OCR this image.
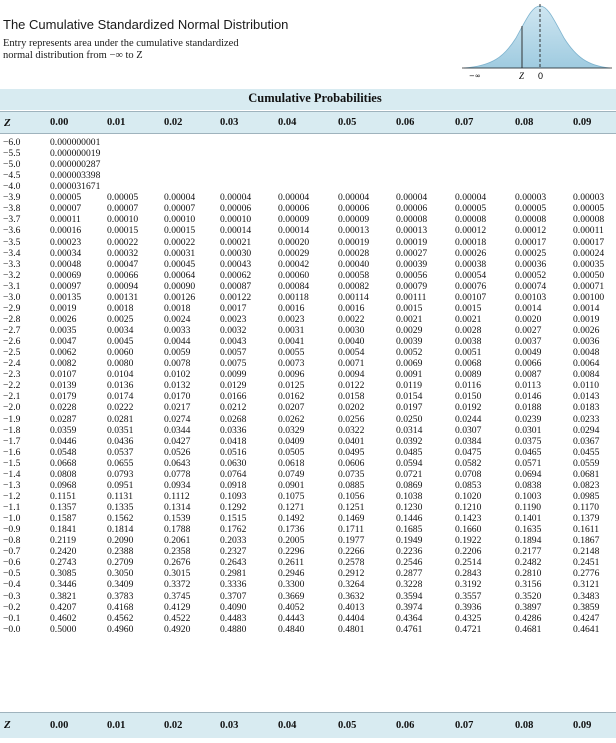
The Cumulative Standardized Normal Distribution
Entry represents area under the cumulative standardized
normal distribution from −∞ to Z
−∞	Z 0
Cumulative Probabilities
Z	0.00	0.01	0.02	0.03	0.04	0.05	0.06	0.07	0.08	0.09
−6.0	0.000000001									
−5.5	0.000000019									
−5.0	0.000000287									
−4.5	0.000003398									
−4.0	0.000031671									
−3.9	0.00005	0.00005	0.00004	0.00004	0.00004	0.00004	0.00004	0.00004	0.00003	0.00003
−3.8	0.00007	0.00007	0.00007	0.00006	0.00006	0.00006	0.00006	0.00005	0.00005	0.00005
−3.7	0.00011	0.00010	0.00010	0.00010	0.00009	0.00009	0.00008	0.00008	0.00008	0.00008
−3.6	0.00016	0.00015	0.00015	0.00014	0.00014	0.00013	0.00013	0.00012	0.00012	0.00011
−3.5	0.00023	0.00022	0.00022	0.00021	0.00020	0.00019	0.00019	0.00018	0.00017	0.00017
−3.4	0.00034	0.00032	0.00031	0.00030	0.00029	0.00028	0.00027	0.00026	0.00025	0.00024
−3.3	0.00048	0.00047	0.00045	0.00043	0.00042	0.00040	0.00039	0.00038	0.00036	0.00035
−3.2	0.00069	0.00066	0.00064	0.00062	0.00060	0.00058	0.00056	0.00054	0.00052	0.00050
−3.1	0.00097	0.00094	0.00090	0.00087	0.00084	0.00082	0.00079	0.00076	0.00074	0.00071
−3.0	0.00135	0.00131	0.00126	0.00122	0.00118	0.00114	0.00111	0.00107	0.00103	0.00100
−2.9	0.0019	0.0018	0.0018	0.0017	0.0016	0.0016	0.0015	0.0015	0.0014	0.0014
−2.8	0.0026	0.0025	0.0024	0.0023	0.0023	0.0022	0.0021	0.0021	0.0020	0.0019
−2.7	0.0035	0.0034	0.0033	0.0032	0.0031	0.0030	0.0029	0.0028	0.0027	0.0026
−2.6	0.0047	0.0045	0.0044	0.0043	0.0041	0.0040	0.0039	0.0038	0.0037	0.0036
−2.5	0.0062	0.0060	0.0059	0.0057	0.0055	0.0054	0.0052	0.0051	0.0049	0.0048
−2.4	0.0082	0.0080	0.0078	0.0075	0.0073	0.0071	0.0069	0.0068	0.0066	0.0064
−2.3	0.0107	0.0104	0.0102	0.0099	0.0096	0.0094	0.0091	0.0089	0.0087	0.0084
−2.2	0.0139	0.0136	0.0132	0.0129	0.0125	0.0122	0.0119	0.0116	0.0113	0.0110
−2.1	0.0179	0.0174	0.0170	0.0166	0.0162	0.0158	0.0154	0.0150	0.0146	0.0143
−2.0	0.0228	0.0222	0.0217	0.0212	0.0207	0.0202	0.0197	0.0192	0.0188	0.0183
−1.9	0.0287	0.0281	0.0274	0.0268	0.0262	0.0256	0.0250	0.0244	0.0239	0.0233
−1.8	0.0359	0.0351	0.0344	0.0336	0.0329	0.0322	0.0314	0.0307	0.0301	0.0294
−1.7	0.0446	0.0436	0.0427	0.0418	0.0409	0.0401	0.0392	0.0384	0.0375	0.0367
−1.6	0.0548	0.0537	0.0526	0.0516	0.0505	0.0495	0.0485	0.0475	0.0465	0.0455
−1.5	0.0668	0.0655	0.0643	0.0630	0.0618	0.0606	0.0594	0.0582	0.0571	0.0559
−1.4	0.0808	0.0793	0.0778	0.0764	0.0749	0.0735	0.0721	0.0708	0.0694	0.0681
−1.3	0.0968	0.0951	0.0934	0.0918	0.0901	0.0885	0.0869	0.0853	0.0838	0.0823
−1.2	0.1151	0.1131	0.1112	0.1093	0.1075	0.1056	0.1038	0.1020	0.1003	0.0985
−1.1	0.1357	0.1335	0.1314	0.1292	0.1271	0.1251	0.1230	0.1210	0.1190	0.1170
−1.0	0.1587	0.1562	0.1539	0.1515	0.1492	0.1469	0.1446	0.1423	0.1401	0.1379
−0.9	0.1841	0.1814	0.1788	0.1762	0.1736	0.1711	0.1685	0.1660	0.1635	0.1611
−0.8	0.2119	0.2090	0.2061	0.2033	0.2005	0.1977	0.1949	0.1922	0.1894	0.1867
−0.7	0.2420	0.2388	0.2358	0.2327	0.2296	0.2266	0.2236	0.2206	0.2177	0.2148
−0.6	0.2743	0.2709	0.2676	0.2643	0.2611	0.2578	0.2546	0.2514	0.2482	0.2451
−0.5	0.3085	0.3050	0.3015	0.2981	0.2946	0.2912	0.2877	0.2843	0.2810	0.2776
−0.4	0.3446	0.3409	0.3372	0.3336	0.3300	0.3264	0.3228	0.3192	0.3156	0.3121
−0.3	0.3821	0.3783	0.3745	0.3707	0.3669	0.3632	0.3594	0.3557	0.3520	0.3483
−0.2	0.4207	0.4168	0.4129	0.4090	0.4052	0.4013	0.3974	0.3936	0.3897	0.3859
−0.1	0.4602	0.4562	0.4522	0.4483	0.4443	0.4404	0.4364	0.4325	0.4286	0.4247
−0.0	0.5000	0.4960	0.4920	0.4880	0.4840	0.4801	0.4761	0.4721	0.4681	0.4641
Z	0.00	0.01	0.02	0.03	0.04	0.05	0.06	0.07	0.08	0.09
